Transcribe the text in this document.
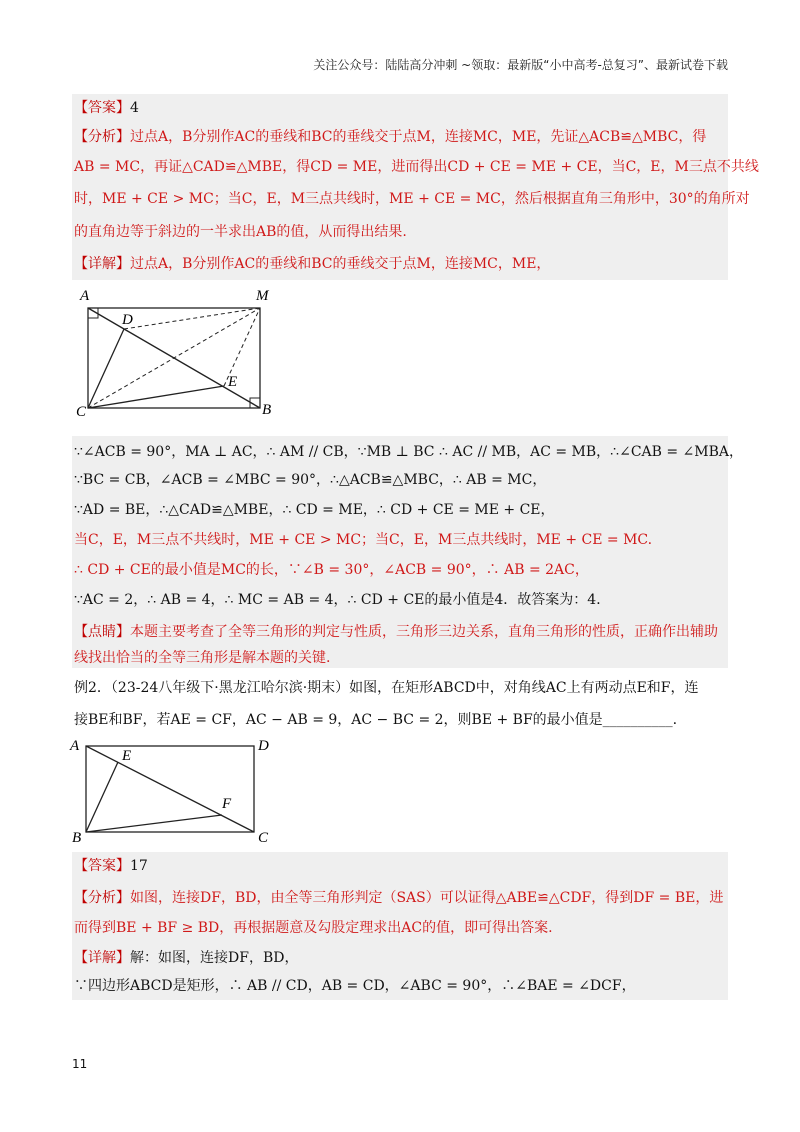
关注公众号：陆陆高分冲刺 ~领取：最新版“小中高考-总复习”、最新试卷下载
【答案】4
【分析】过点A，B分别作AC的垂线和BC的垂线交于点M，连接MC，ME，先证△ACB≌△MBC，得
AB = MC，再证△CAD≌△MBE，得CD = ME，进而得出CD + CE = ME + CE，当C，E，M三点不共线
时，ME + CE > MC；当C，E，M三点共线时，ME + CE = MC，然后根据直角三角形中，30°的角所对
的直角边等于斜边的一半求出AB的值，从而得出结果.
【详解】过点A，B分别作AC的垂线和BC的垂线交于点M，连接MC，ME，
A	M
D
E
C	B
∵∠ACB = 90°，MA ⊥ AC，∴ AM // CB，∵MB ⊥ BC ∴ AC // MB，AC = MB，∴∠CAB = ∠MBA，
∵BC = CB，∠ACB = ∠MBC = 90°，∴△ACB≌△MBC，∴ AB = MC，
∵AD = BE，∴△CAD≌△MBE，∴ CD = ME，∴ CD + CE = ME + CE，
当C，E，M三点不共线时，ME + CE > MC；当C，E，M三点共线时，ME + CE = MC.
∴ CD + CE的最小值是MC的长，∵∠B = 30°，∠ACB = 90°，∴ AB = 2AC，
∵AC = 2，∴ AB = 4，∴ MC = AB = 4，∴ CD + CE的最小值是4．故答案为：4．
【点睛】本题主要考查了全等三角形的判定与性质，三角形三边关系，直角三角形的性质，正确作出辅助
线找出恰当的全等三角形是解本题的关键.
例2．（23-24八年级下·黑龙江哈尔滨·期末）如图，在矩形ABCD中，对角线AC上有两动点E和F，连
接BE和BF，若AE = CF，AC − AB = 9，AC − BC = 2，则BE + BF的最小值是__________.
A	D
E
F
B	C
【答案】17
【分析】如图，连接DF，BD，由全等三角形判定（SAS）可以证得△ABE≌△CDF，得到DF = BE，进
而得到BE + BF ≥ BD，再根据题意及勾股定理求出AC的值，即可得出答案.
【详解】解：如图，连接DF，BD，
∵四边形ABCD是矩形，∴ AB // CD，AB = CD，∠ABC = 90°，∴∠BAE = ∠DCF，
11
